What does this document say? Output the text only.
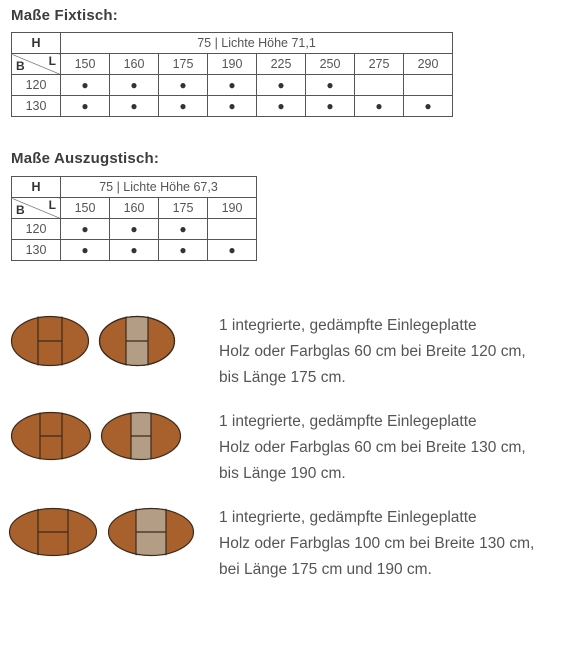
Maße Fixtisch:
H	75 | Lichte Höhe 71,1							

B L	150	160	175	190	225	250	275	290
120	●	●	●	●	●	●		
130	●	●	●	●	●	●	●	●
Maße Auszugstisch:
H	75 | Lichte Höhe 67,3			

B L	150	160	175	190
120	●	●	●	
130	●	●	●	●
1 integrierte, gedämpfte Einlegeplatte
Holz oder Farbglas 60 cm bei Breite 120 cm,
bis Länge 175 cm.
1 integrierte, gedämpfte Einlegeplatte
Holz oder Farbglas 60 cm bei Breite 130 cm,
bis Länge 190 cm.
1 integrierte, gedämpfte Einlegeplatte
Holz oder Farbglas 100 cm bei Breite 130 cm,
bei Länge 175 cm und 190 cm.
